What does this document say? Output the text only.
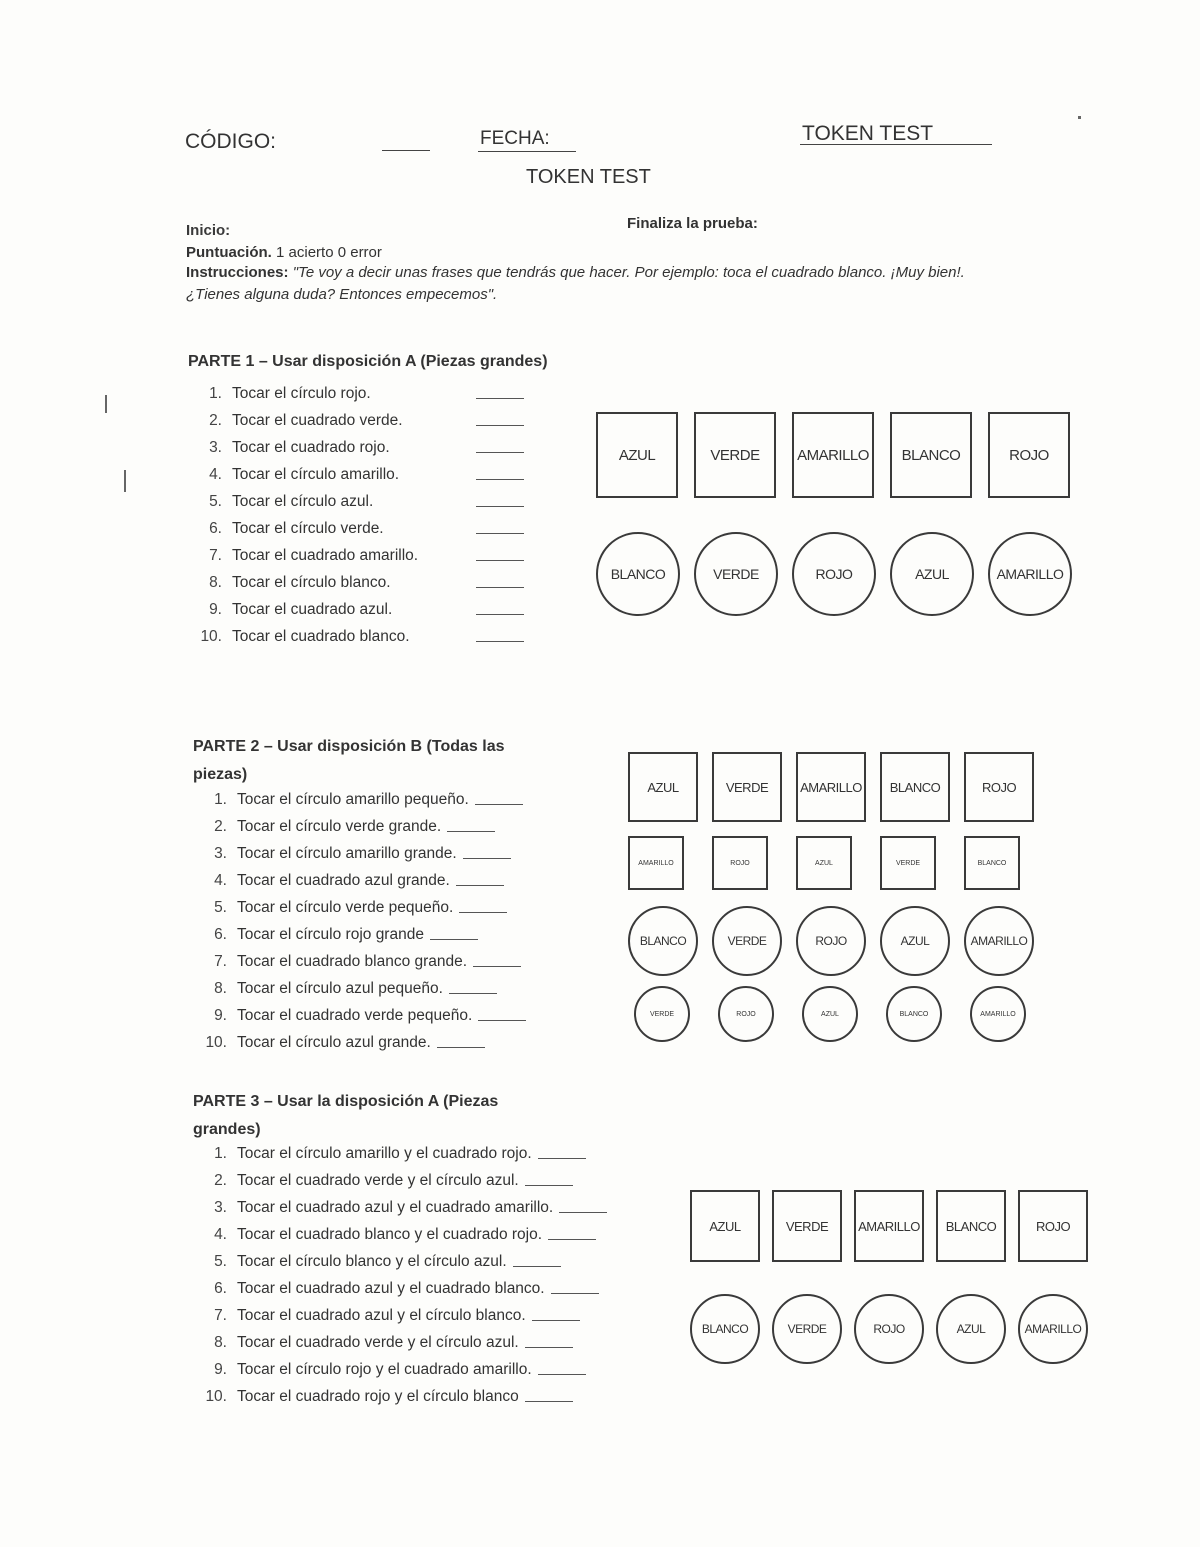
CÓDIGO:	FECHA:	TOKEN TEST
TOKEN TEST
Inicio:	Finaliza la prueba:
Puntuación. 1 acierto 0 error
Instrucciones: "Te voy a decir unas frases que tendrás que hacer. Por ejemplo: toca el cuadrado blanco. ¡Muy bien!. ¿Tienes alguna duda? Entonces empecemos".
PARTE 1 – Usar disposición A (Piezas grandes)
1. Tocar el círculo rojo.
2. Tocar el cuadrado verde.
3. Tocar el cuadrado rojo.
4. Tocar el círculo amarillo.
5. Tocar el círculo azul.
6. Tocar el círculo verde.
7. Tocar el cuadrado amarillo.
8. Tocar el círculo blanco.
9. Tocar el cuadrado azul.
10. Tocar el cuadrado blanco.
AZUL	VERDE AMARILLO BLANCO	ROJO
BLANCO	VERDE	ROJO	AZUL	AMARILLO
PARTE 2 – Usar disposición B (Todas las piezas)
1. Tocar el círculo amarillo pequeño.
2. Tocar el círculo verde grande.
3. Tocar el círculo amarillo grande.
4. Tocar el cuadrado azul grande.
5. Tocar el círculo verde pequeño.
6. Tocar el círculo rojo grande
7. Tocar el cuadrado blanco grande.
8. Tocar el círculo azul pequeño.
9. Tocar el cuadrado verde pequeño.
10. Tocar el círculo azul grande.
AZUL	VERDE AMARILLO BLANCO	ROJO
AMARILLO	ROJO	AZUL	VERDE	BLANCO
BLANCO	VERDE	ROJO	AZUL	AMARILLO
VERDE	ROJO	AZUL	BLANCO	AMARILLO
PARTE 3 – Usar la disposición A (Piezas grandes)
1. Tocar el círculo amarillo y el cuadrado rojo.
2. Tocar el cuadrado verde y el círculo azul.
3. Tocar el cuadrado azul y el cuadrado amarillo.
4. Tocar el cuadrado blanco y el cuadrado rojo.
5. Tocar el círculo blanco y el círculo azul.
6. Tocar el cuadrado azul y el cuadrado blanco.
7. Tocar el cuadrado azul y el círculo blanco.
8. Tocar el cuadrado verde y el círculo azul.
9. Tocar el círculo rojo y el cuadrado amarillo.
10. Tocar el cuadrado rojo y el círculo blanco
AZUL	VERDE AMARILLO BLANCO	ROJO
BLANCO	VERDE	ROJO	AZUL	AMARILLO
